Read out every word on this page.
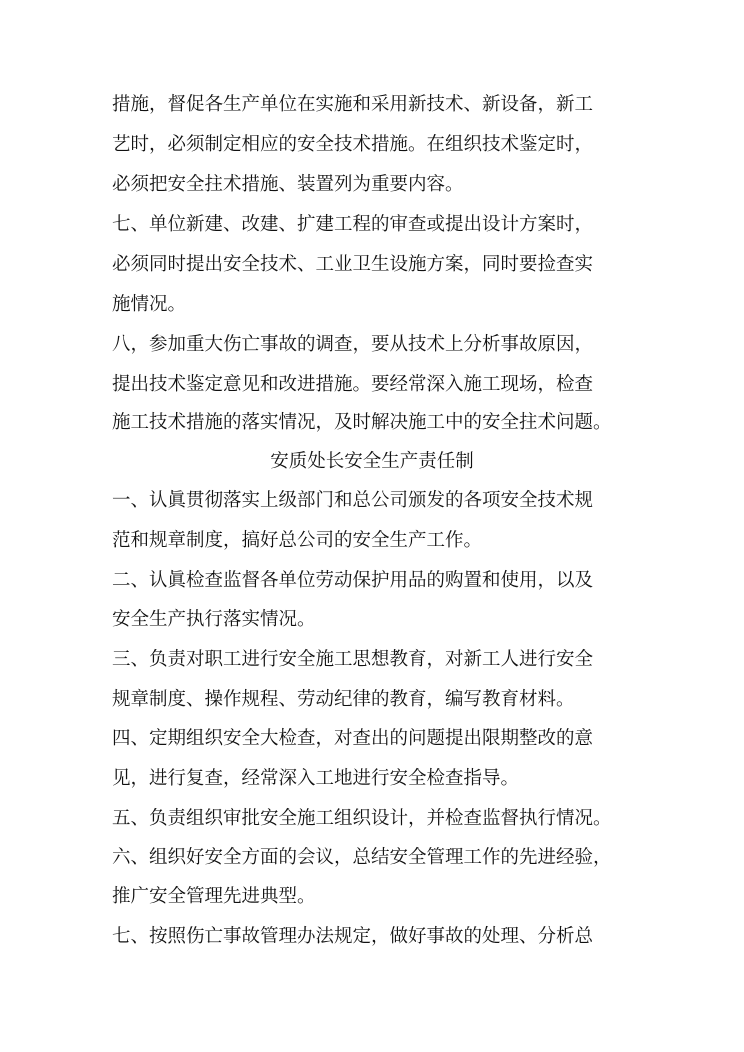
措施，督促各生产单位在实施和采用新技术、新设备，新工
艺时，必须制定相应的安全技术措施。在组织技术鉴定时，
必须把安全拄术措施、装置列为重要内容。
七、单位新建、改建、扩建工程的审查或提出设计方案时，
必须同时提出安全技术、工业卫生设施方案，同时要捡查实
施情况。
八，参加重大伤亡事故的调查，要从技术上分析事故原因，
提出技术鉴定意见和改进措施。要经常深入施工现场，检查
施工技术措施的落实情况，及时解决施工中的安全拄术问题。
安质处长安全生产责任制
一、认眞贯彻落实上级部门和总公司颁发的各项安全技术规
范和规章制度，搞好总公司的安全生产工作。
二、认眞检查监督各单位劳动保护用品的购置和使用，以及
安全生产执行落实情况。
三、负责对职工进行安全施工思想教育，对新工人进行安全
规章制度、操作规程、劳动纪律的教育，编写教育材料。
四、定期组织安全大检查，对查出的问题提出限期整改的意
见，进行复查，经常深入工地进行安全检查指导。
五、负责组织审批安全施工组织设计，并检查监督执行情况。
六、组织好安全方面的会议，总结安全管理工作的先进经验，
推广安全管理先进典型。
七、按照伤亡事故管理办法规定，做好事故的处理、分析总
